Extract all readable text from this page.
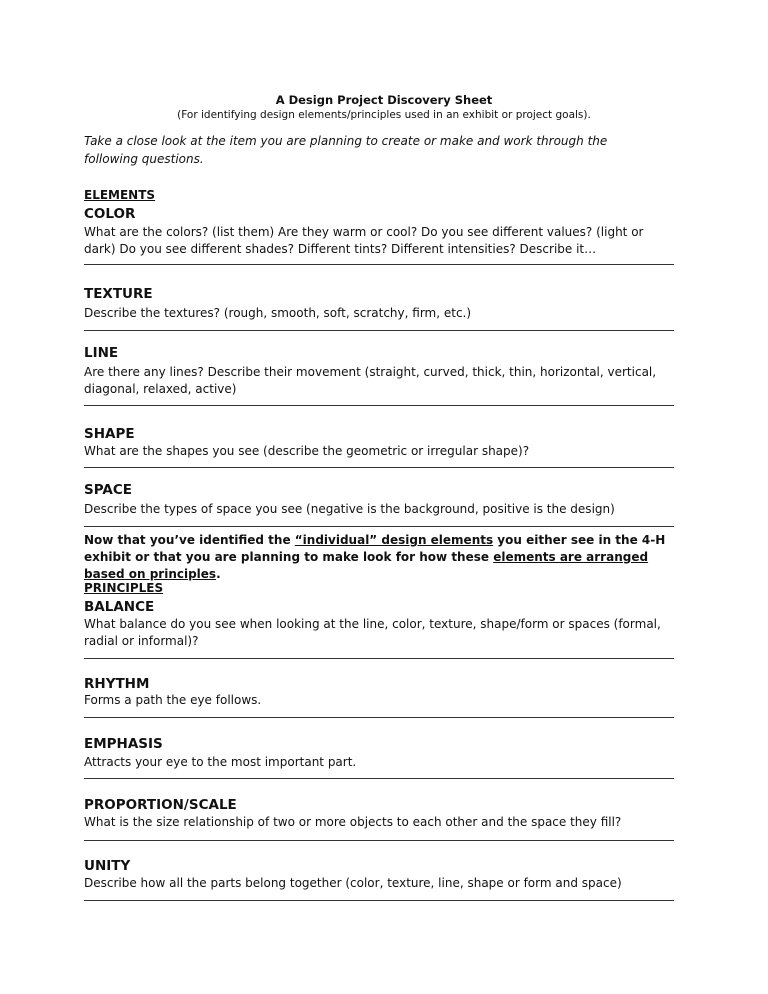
A Design Project Discovery Sheet
(For identifying design elements/principles used in an exhibit or project goals).
Take a close look at the item you are planning to create or make and work through the following questions.
ELEMENTS
COLOR
What are the colors? (list them) Are they warm or cool? Do you see different values? (light or dark) Do you see different shades? Different tints? Different intensities? Describe it…
TEXTURE
Describe the textures? (rough, smooth, soft, scratchy, firm, etc.)
LINE
Are there any lines? Describe their movement (straight, curved, thick, thin, horizontal, vertical, diagonal, relaxed, active)
SHAPE
What are the shapes you see (describe the geometric or irregular shape)?
SPACE
Describe the types of space you see (negative is the background, positive is the design)
Now that you’ve identified the “individual” design elements you either see in the 4-H exhibit or that you are planning to make look for how these elements are arranged based on principles.
PRINCIPLES
BALANCE
What balance do you see when looking at the line, color, texture, shape/form or spaces (formal, radial or informal)?
RHYTHM
Forms a path the eye follows.
EMPHASIS
Attracts your eye to the most important part.
PROPORTION/SCALE
What is the size relationship of two or more objects to each other and the space they fill?
UNITY
Describe how all the parts belong together (color, texture, line, shape or form and space)
